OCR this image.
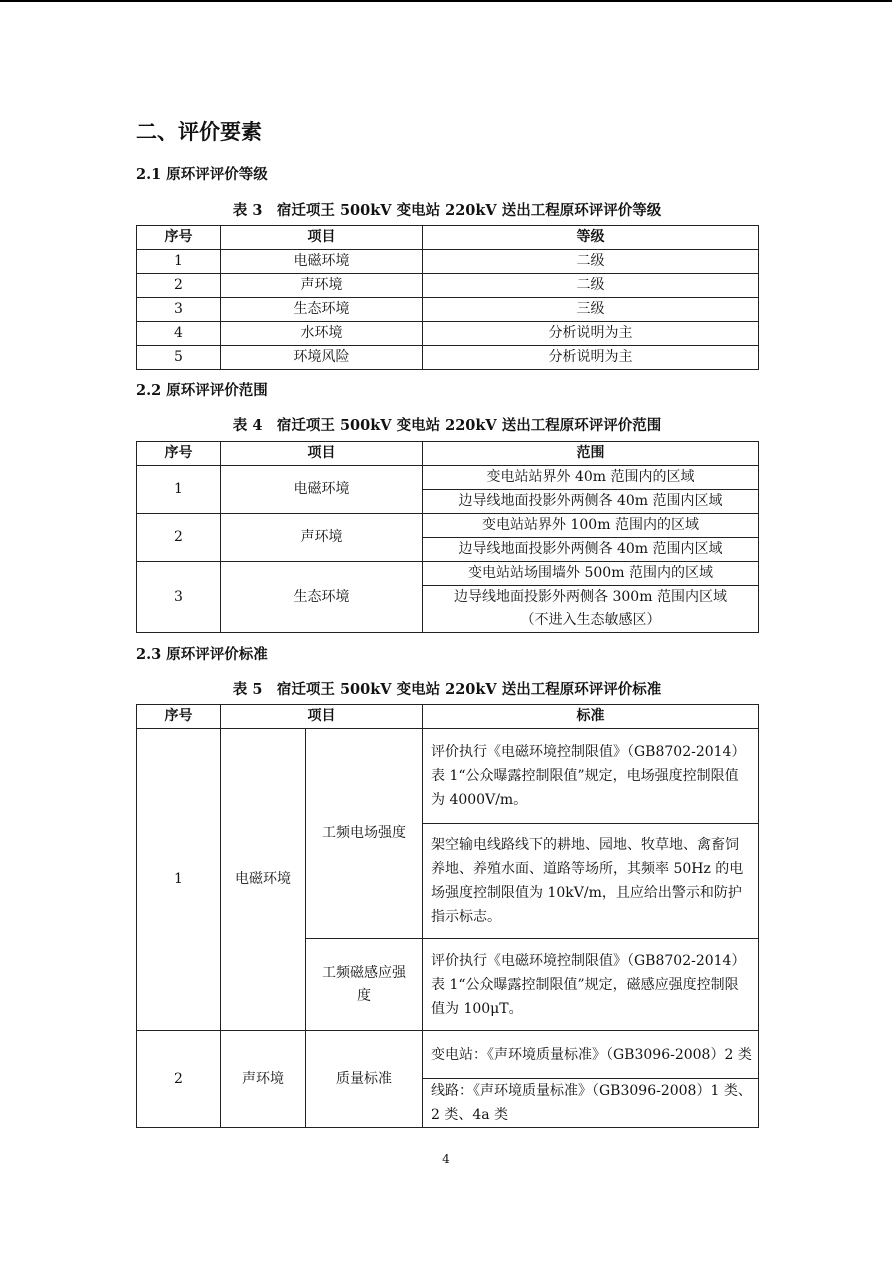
二、评价要素
2.1 原环评评价等级
表 3　宿迁项王 500kV 变电站 220kV 送出工程原环评评价等级
序号	项目	等级
1	电磁环境	二级
2	声环境	二级
3	生态环境	三级
4	水环境	分析说明为主
5	环境风险	分析说明为主
2.2 原环评评价范围
表 4　宿迁项王 500kV 变电站 220kV 送出工程原环评评价范围
序号	项目	范围
1	电磁环境	变电站站界外 40m 范围内的区域
		边导线地面投影外两侧各 40m 范围内区域
2	声环境	变电站站界外 100m 范围内的区域
		边导线地面投影外两侧各 40m 范围内区域
3	生态环境	变电站站场围墙外 500m 范围内的区域

		边导线地面投影外两侧各 300m 范围内区域
（不进入生态敏感区）
2.3 原环评评价标准
表 5　宿迁项王 500kV 变电站 220kV 送出工程原环评评价标准
序号	项目		标准
1	电磁环境	工频电场强度	评价执行《电磁环境控制限值》（GB8702-2014）表 1“公众曝露控制限值”规定，电场强度控制限值为 4000V/m。
			架空输电线路线下的耕地、园地、牧草地、禽畜饲养地、养殖水面、道路等场所，其频率 50Hz 的电场强度控制限值为 10kV/m，且应给出警示和防护指示标志。
		工频磁感应强度	评价执行《电磁环境控制限值》（GB8702-2014）表 1“公众曝露控制限值”规定，磁感应强度控制限值为 100μT。
2	声环境	质量标准	变电站：《声环境质量标准》（GB3096-2008）2 类
			线路：《声环境质量标准》（GB3096-2008）1 类、2 类、4a 类
4
